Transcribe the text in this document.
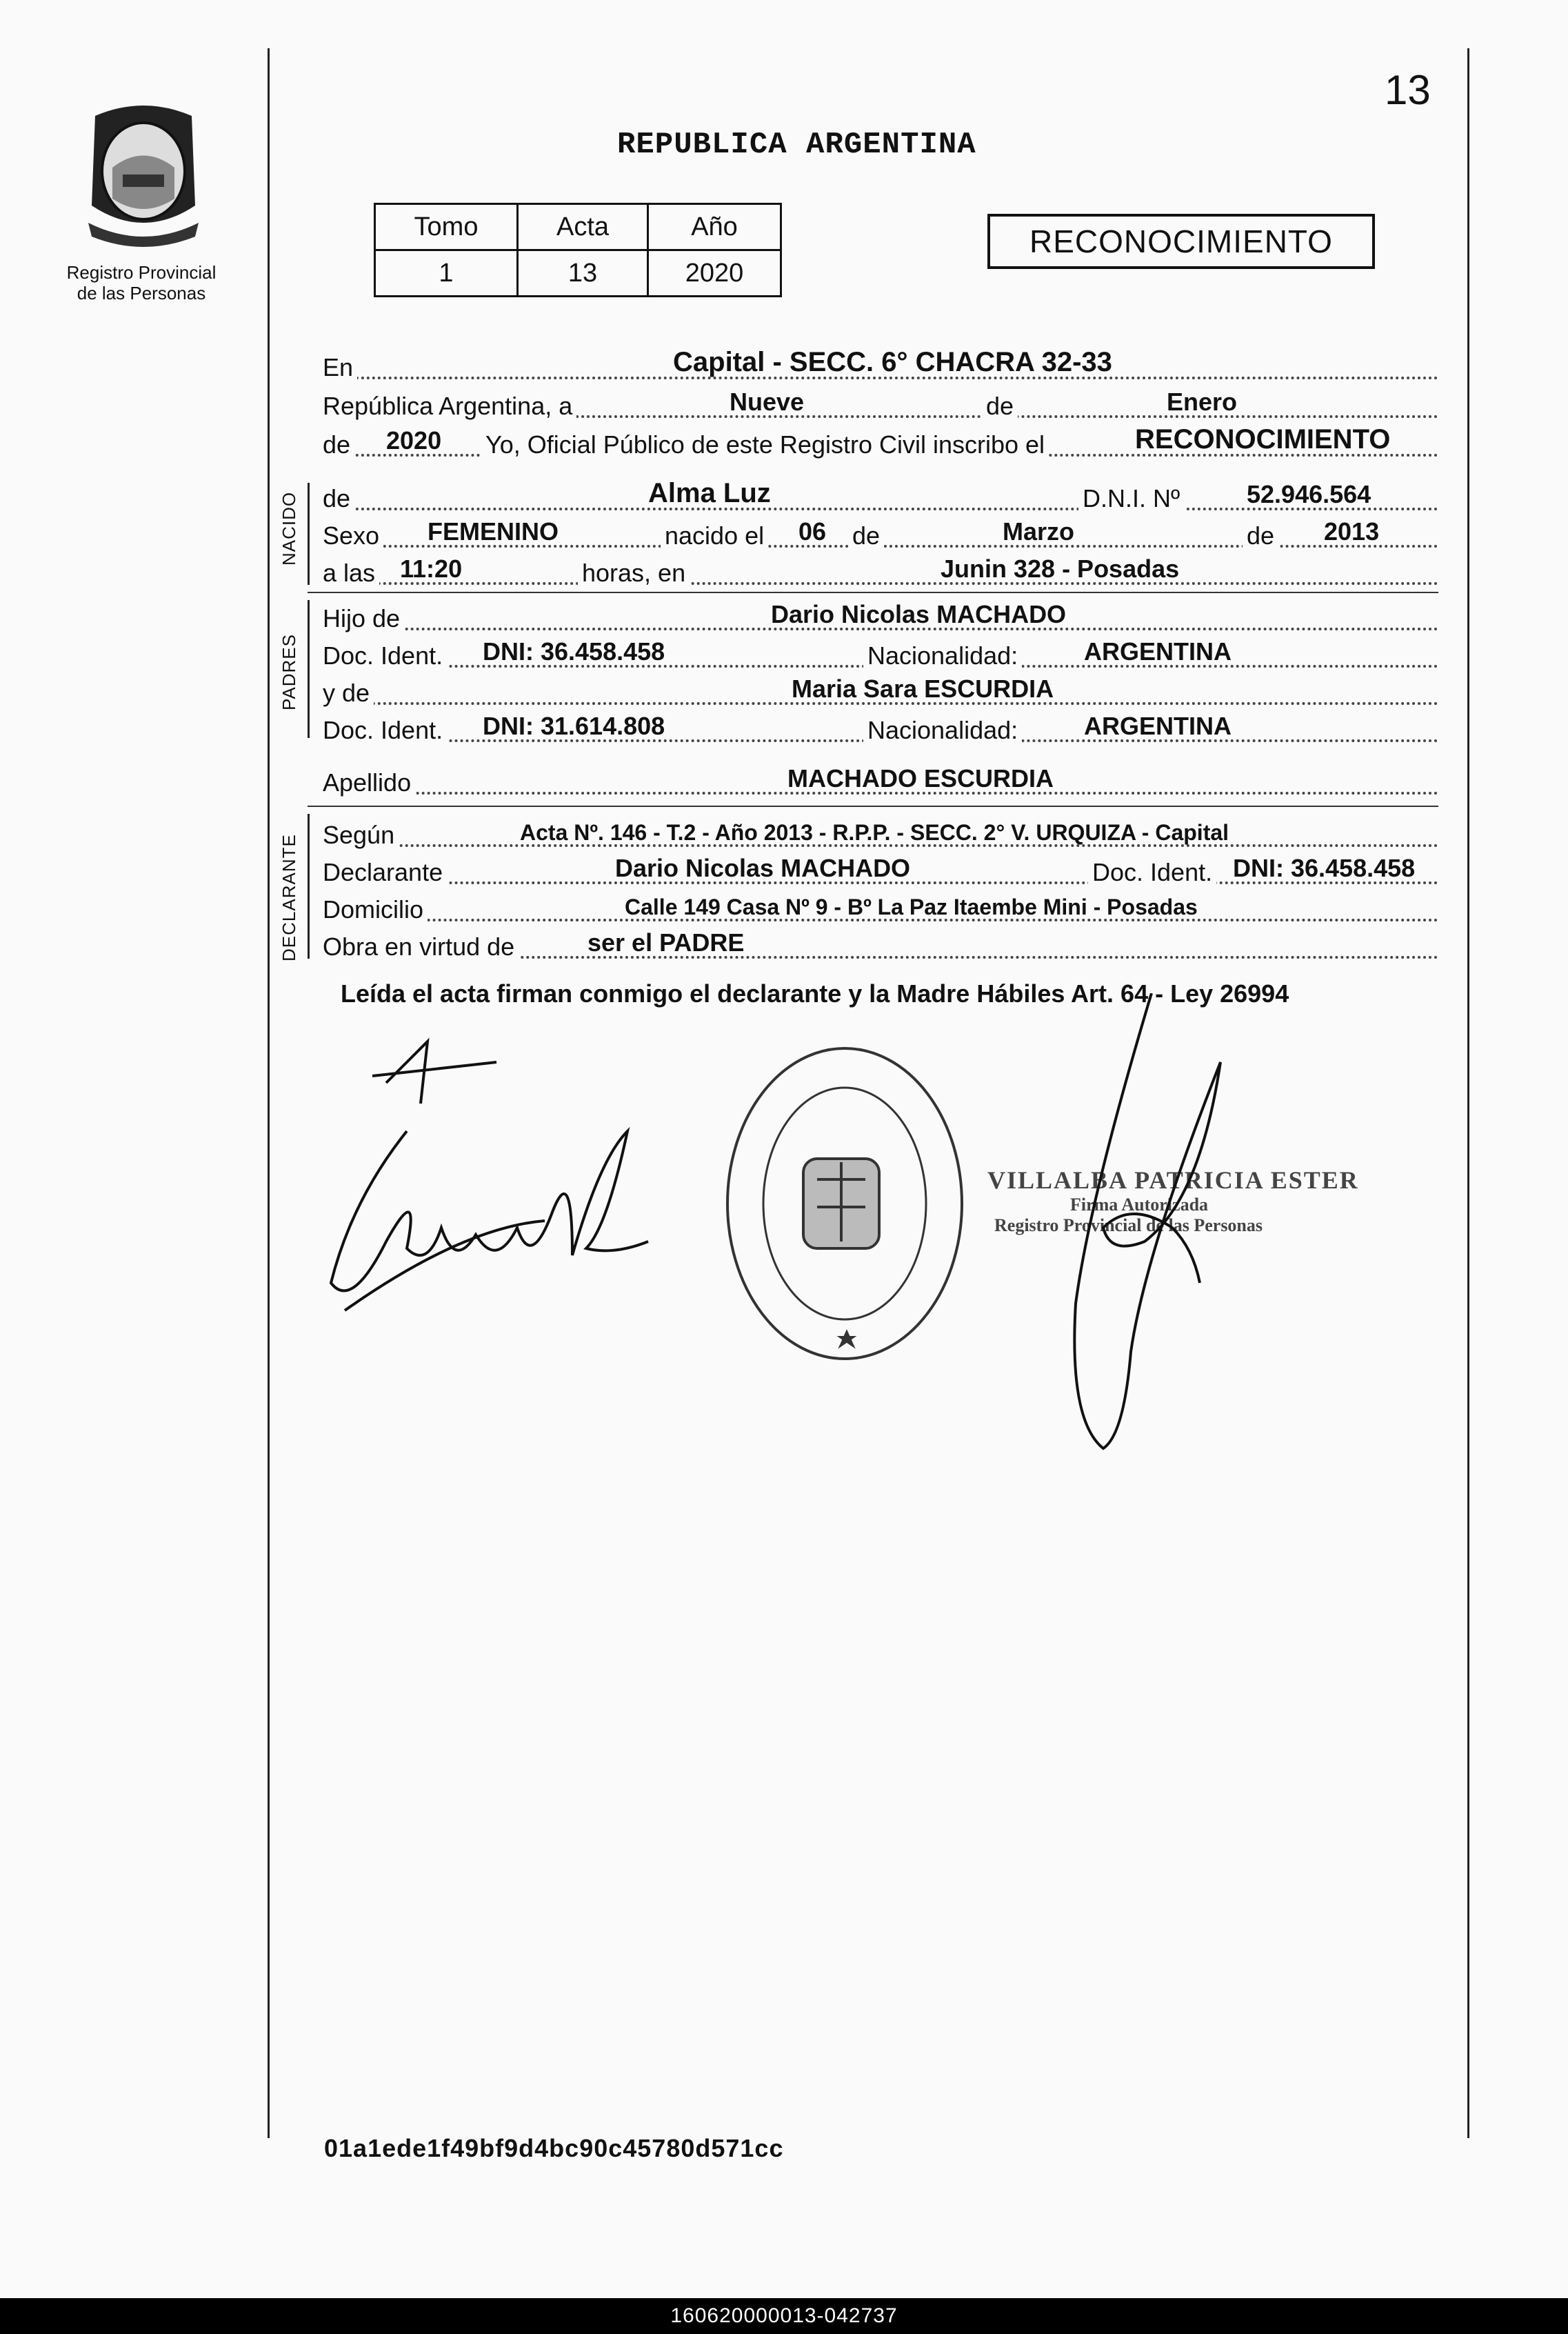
13
REPUBLICA ARGENTINA
Registro Provincial
de las Personas
Tomo	Acta	Año
1	13	2020
RECONOCIMIENTO
En	Capital - SECC. 6° CHACRA 32-33
República Argentina, a	Nueve	de	Enero
de 2020 Yo, Oficial Público de este Registro Civil inscribo el	RECONOCIMIENTO
NACIDO de	Alma Luz	D.N.I. Nº	52.946.564
Sexo FEMENINO	nacido el 06 de	Marzo	de 2013
a las 11:20	horas, en	Junin 328 - Posadas
PADRES
Hijo de	Dario Nicolas MACHADO
Doc. Ident. DNI: 36.458.458	Nacionalidad:	ARGENTINA
y de	Maria Sara ESCURDIA
Doc. Ident. DNI: 31.614.808	Nacionalidad:	ARGENTINA
Apellido	MACHADO ESCURDIA
DECLARANTE Según	Acta Nº. 146 - T.2 - Año 2013 - R.P.P. - SECC. 2° V. URQUIZA - Capital
Declarante	Dario Nicolas MACHADO	Doc. Ident. DNI: 36.458.458
Domicilio	Calle 149 Casa Nº 9 - Bº La Paz Itaembe Mini - Posadas
Obra en virtud de	ser el PADRE
Leída el acta firman conmigo el declarante y la Madre Hábiles Art. 64 - Ley 26994
VILLALBA PATRICIA ESTER
Firma Autorizada
Registro Provincial de las Personas
01a1ede1f49bf9d4bc90c45780d571cc
160620000013-042737
